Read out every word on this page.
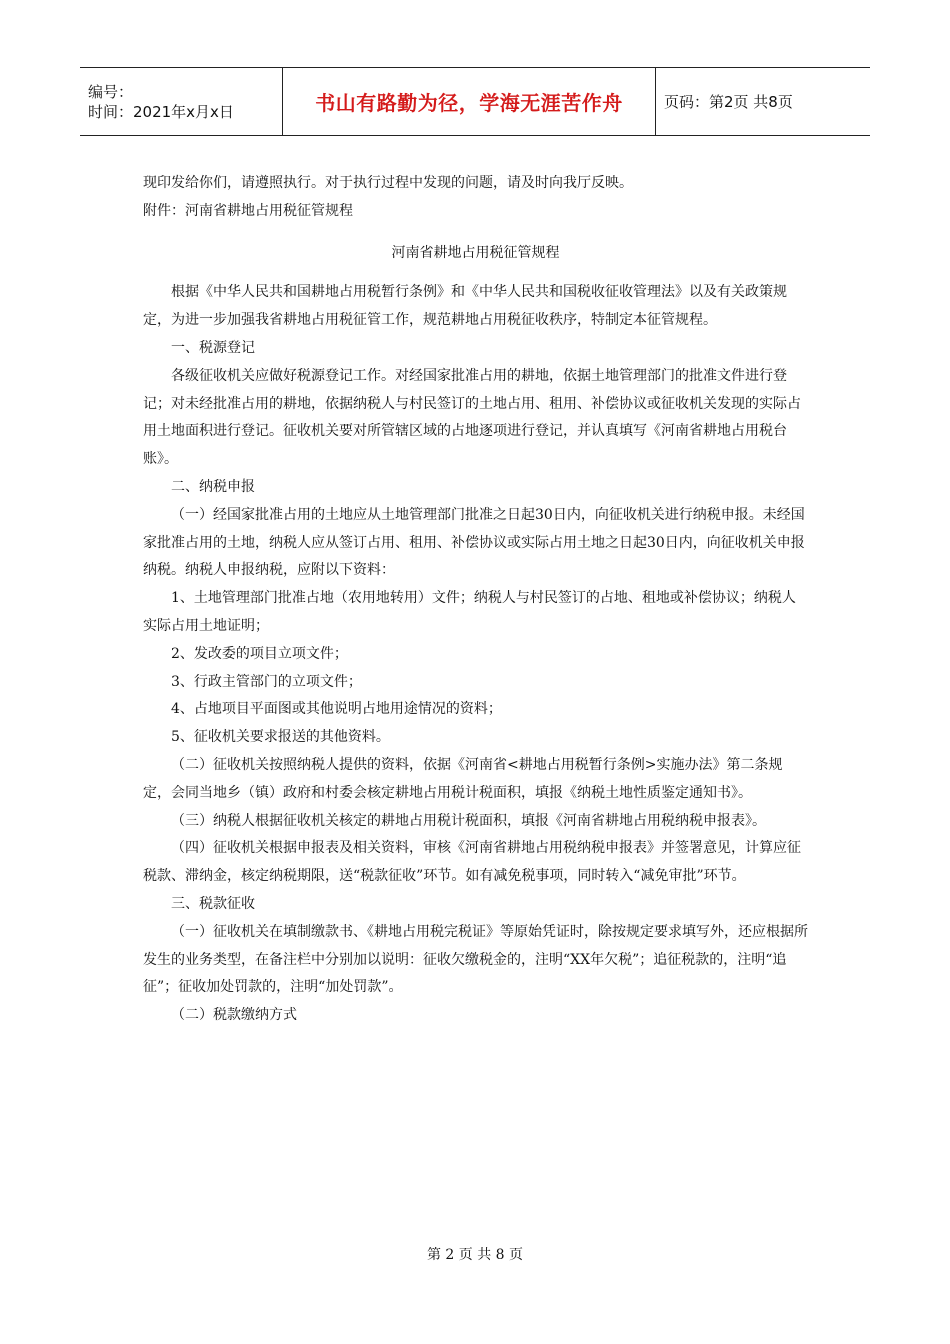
编号：
时间：2021年x月x日	书山有路勤为径，学海无涯苦作舟	页码：第2页 共8页

现印发给你们，请遵照执行。对于执行过程中发现的问题，请及时向我厅反映。

附件：河南省耕地占用税征管规程

河南省耕地占用税征管规程

根据《中华人民共和国耕地占用税暂行条例》和《中华人民共和国税收征收管理法》以及有关政策规定，为进一步加强我省耕地占用税征管工作，规范耕地占用税征收秩序，特制定本征管规程。

一、税源登记

各级征收机关应做好税源登记工作。对经国家批准占用的耕地，依据土地管理部门的批准文件进行登记；对未经批准占用的耕地，依据纳税人与村民签订的土地占用、租用、补偿协议或征收机关发现的实际占用土地面积进行登记。征收机关要对所管辖区域的占地逐项进行登记，并认真填写《河南省耕地占用税台账》。

二、纳税申报

（一）经国家批准占用的土地应从土地管理部门批准之日起30日内，向征收机关进行纳税申报。未经国家批准占用的土地，纳税人应从签订占用、租用、补偿协议或实际占用土地之日起30日内，向征收机关申报纳税。纳税人申报纳税，应附以下资料：

1、土地管理部门批准占地（农用地转用）文件；纳税人与村民签订的占地、租地或补偿协议；纳税人实际占用土地证明；

2、发改委的项目立项文件；

3、行政主管部门的立项文件；

4、占地项目平面图或其他说明占地用途情况的资料；

5、征收机关要求报送的其他资料。

（二）征收机关按照纳税人提供的资料，依据《河南省<耕地占用税暂行条例>实施办法》第二条规定，会同当地乡（镇）政府和村委会核定耕地占用税计税面积，填报《纳税土地性质鉴定通知书》。

（三）纳税人根据征收机关核定的耕地占用税计税面积，填报《河南省耕地占用税纳税申报表》。

（四）征收机关根据申报表及相关资料，审核《河南省耕地占用税纳税申报表》并签署意见，计算应征税款、滞纳金，核定纳税期限，送“税款征收”环节。如有减免税事项，同时转入“减免审批”环节。

三、税款征收

（一）征收机关在填制缴款书、《耕地占用税完税证》等原始凭证时，除按规定要求填写外，还应根据所发生的业务类型，在备注栏中分别加以说明：征收欠缴税金的，注明“XX年欠税”；追征税款的，注明“追征”；征收加处罚款的，注明“加处罚款”。

（二）税款缴纳方式

第 2 页 共 8 页
